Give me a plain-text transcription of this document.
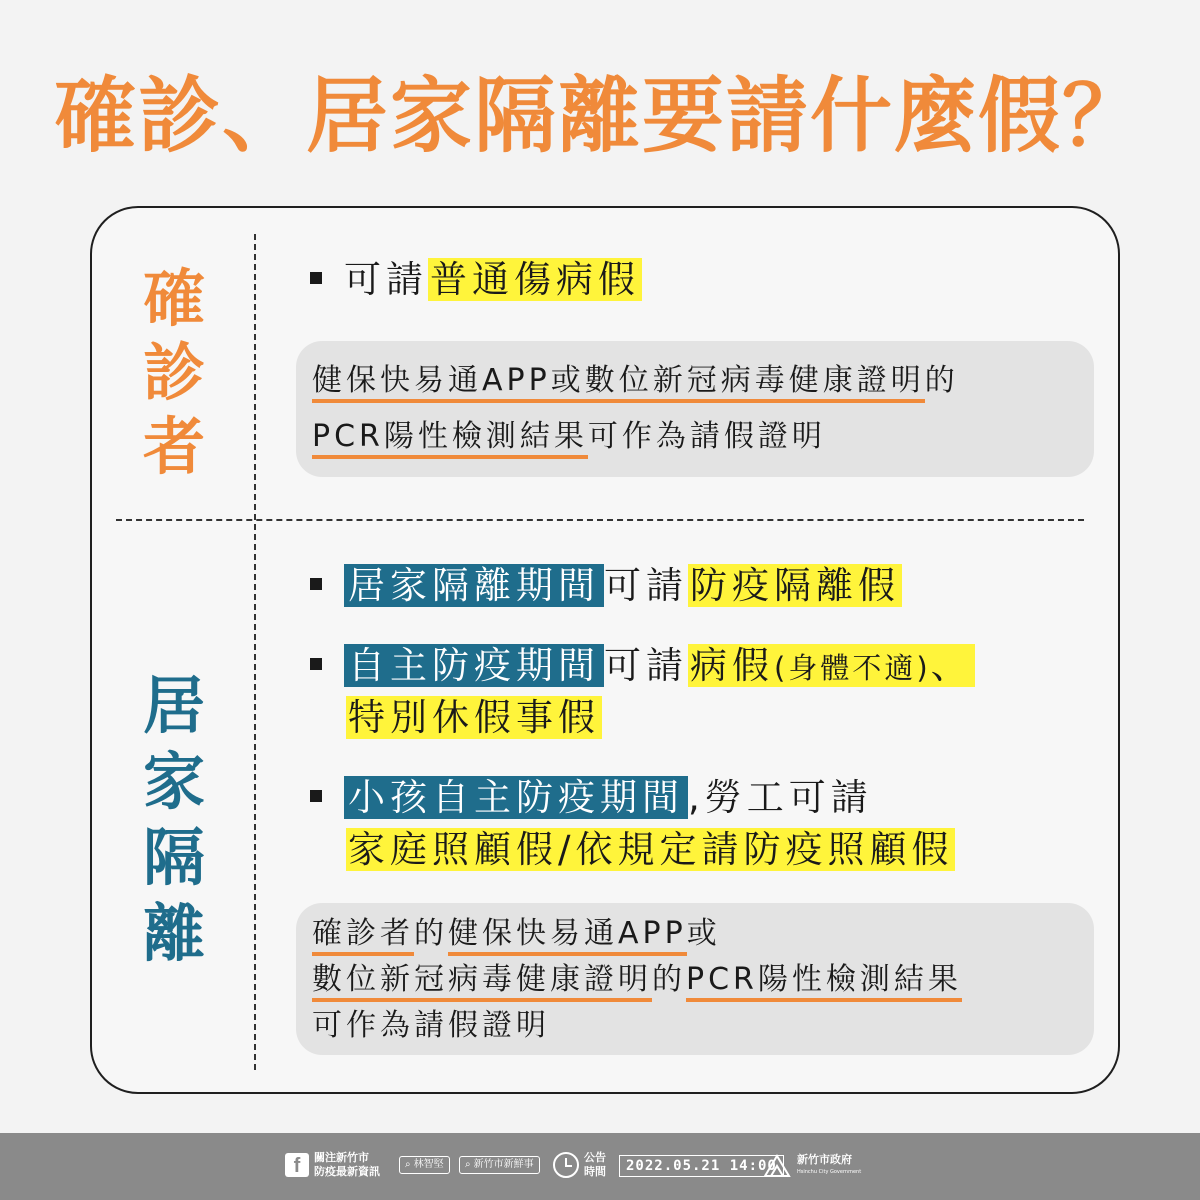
確診、居家隔離要請什麼假？
確
診
者
可請普通傷病假
健保快易通APP或數位新冠病毒健康證明的
PCR陽性檢測結果可作為請假證明
居
家
隔
離
居家隔離期間 可請防疫隔離假
自主防疫期間 可請病假(身體不適)、
特別休假事假
小孩自主防疫期間 ,勞工可請
家庭照顧假/依規定請防疫照顧假
確診者的健保快易通APP或
數位新冠病毒健康證明的PCR陽性檢測結果
可作為請假證明
f	關注新竹市
防疫最新資訊
⌕ 林智堅 ⌕ 新竹市新鮮事
公告
時間	2022.05.21 14:00	新竹市政府
Hsinchu City Government
